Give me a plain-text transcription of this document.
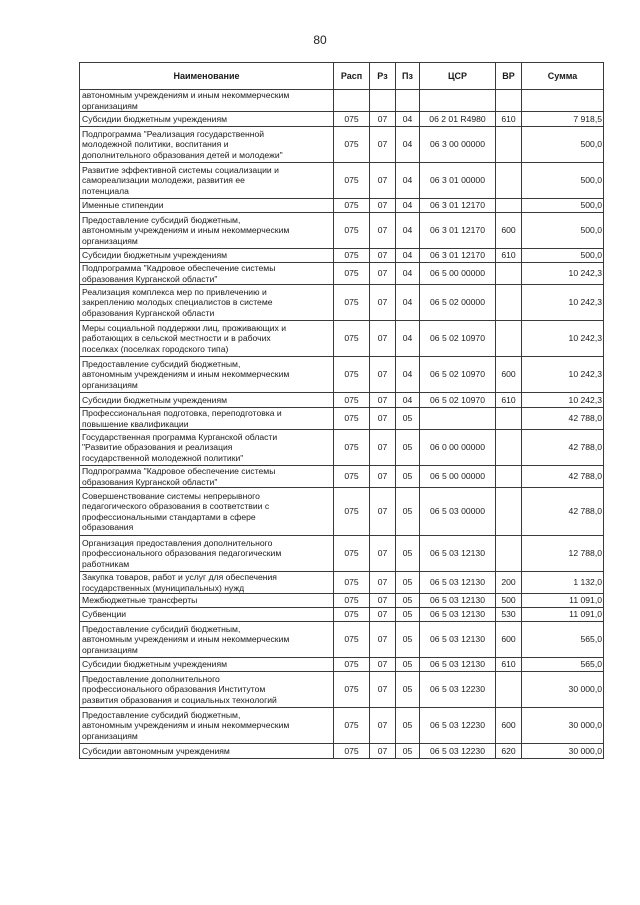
80
Наименование	Расп	Рз	Пз	ЦСР	ВР	Сумма

автономным учреждениям и иным некоммерческим
организациям						

Субсидии бюджетным учреждениям	075	07	04	06 2 01 R4980	610	7 918,5

Подпрограмма "Реализация государственной
молодежной политики, воспитания и
дополнительного образования детей и молодежи"	075	07	04	06 3 00 00000		500,0

Развитие эффективной системы социализации и
самореализации молодежи, развития ее
потенциала	075	07	04	06 3 01 00000		500,0

Именные стипендии	075	07	04	06 3 01 12170		500,0

Предоставление субсидий бюджетным,
автономным учреждениям и иным некоммерческим
организациям	075	07	04	06 3 01 12170	600	500,0

Субсидии бюджетным учреждениям	075	07	04	06 3 01 12170	610	500,0

Подпрограмма "Кадровое обеспечение системы
образования Курганской области"	075	07	04	06 5 00 00000		10 242,3

Реализация комплекса мер по привлечению и
закреплению молодых специалистов в системе
образования Курганской области	075	07	04	06 5 02 00000		10 242,3

Меры социальной поддержки лиц, проживающих и
работающих в сельской местности и в рабочих
поселках (поселках городского типа)	075	07	04	06 5 02 10970		10 242,3

Предоставление субсидий бюджетным,
автономным учреждениям и иным некоммерческим
организациям	075	07	04	06 5 02 10970	600	10 242,3

Субсидии бюджетным учреждениям	075	07	04	06 5 02 10970	610	10 242,3

Профессиональная подготовка, переподготовка и
повышение квалификации	075	07	05			42 788,0

Государственная программа Курганской области
"Развитие образования и реализация
государственной молодежной политики"	075	07	05	06 0 00 00000		42 788,0

Подпрограмма "Кадровое обеспечение системы
образования Курганской области"	075	07	05	06 5 00 00000		42 788,0

Совершенствование системы непрерывного
педагогического образования в соответствии с
профессиональными стандартами в сфере
образования	075	07	05	06 5 03 00000		42 788,0

Организация предоставления дополнительного
профессионального образования педагогическим
работникам	075	07	05	06 5 03 12130		12 788,0

Закупка товаров, работ и услуг для обеспечения
государственных (муниципальных) нужд	075	07	05	06 5 03 12130	200	1 132,0

Межбюджетные трансферты	075	07	05	06 5 03 12130	500	11 091,0

Субвенции	075	07	05	06 5 03 12130	530	11 091,0

Предоставление субсидий бюджетным,
автономным учреждениям и иным некоммерческим
организациям	075	07	05	06 5 03 12130	600	565,0

Субсидии бюджетным учреждениям	075	07	05	06 5 03 12130	610	565,0

Предоставление дополнительного
профессионального образования Институтом
развития образования и социальных технологий	075	07	05	06 5 03 12230		30 000,0

Предоставление субсидий бюджетным,
автономным учреждениям и иным некоммерческим
организациям	075	07	05	06 5 03 12230	600	30 000,0

Субсидии автономным учреждениям	075	07	05	06 5 03 12230	620	30 000,0
